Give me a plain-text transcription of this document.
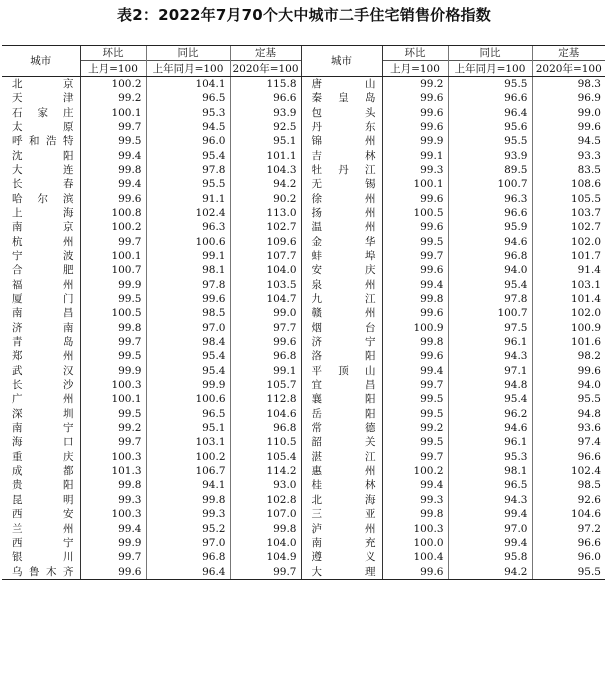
表2：2022年7月70个大中城市二手住宅销售价格指数
城市	环比	同比	定基	城市	环比	同比	定基
	上月=100	上年同月=100	2020年=100		上月=100	上年同月=100	2020年=100
北京	100.2	104.1	115.8	唐山	99.2	95.5	98.3
天津	99.2	96.5	96.6	秦皇岛	99.6	96.6	96.9
石家庄	100.1	95.3	93.9	包头	99.6	96.4	99.0
太原	99.7	94.5	92.5	丹东	99.6	95.6	99.6
呼和浩特	99.5	96.0	95.1	锦州	99.9	95.5	94.5
沈阳	99.4	95.4	101.1	吉林	99.1	93.9	93.3
大连	99.8	97.8	104.3	牡丹江	99.3	89.5	83.5
长春	99.4	95.5	94.2	无锡	100.1	100.7	108.6
哈尔滨	99.6	91.1	90.2	徐州	99.6	96.3	105.5
上海	100.8	102.4	113.0	扬州	100.5	96.6	103.7
南京	100.2	96.3	102.7	温州	99.6	95.9	102.7
杭州	99.7	100.6	109.6	金华	99.5	94.6	102.0
宁波	100.1	99.1	107.7	蚌埠	99.7	96.8	101.7
合肥	100.7	98.1	104.0	安庆	99.6	94.0	91.4
福州	99.9	97.8	103.5	泉州	99.4	95.4	103.1
厦门	99.5	99.6	104.7	九江	99.8	97.8	101.4
南昌	100.5	98.5	99.0	赣州	99.6	100.7	102.0
济南	99.8	97.0	97.7	烟台	100.9	97.5	100.9
青岛	99.7	98.4	99.6	济宁	99.8	96.1	101.6
郑州	99.5	95.4	96.8	洛阳	99.6	94.3	98.2
武汉	99.9	95.4	99.1	平顶山	99.4	97.1	99.6
长沙	100.3	99.9	105.7	宜昌	99.7	94.8	94.0
广州	100.1	100.6	112.8	襄阳	99.5	95.4	95.5
深圳	99.5	96.5	104.6	岳阳	99.5	96.2	94.8
南宁	99.2	95.1	96.8	常德	99.2	94.6	93.6
海口	99.7	103.1	110.5	韶关	99.5	96.1	97.4
重庆	100.3	100.2	105.4	湛江	99.7	95.3	96.6
成都	101.3	106.7	114.2	惠州	100.2	98.1	102.4
贵阳	99.8	94.1	93.0	桂林	99.4	96.5	98.5
昆明	99.3	99.8	102.8	北海	99.3	94.3	92.6
西安	100.3	99.3	107.0	三亚	99.8	99.4	104.6
兰州	99.4	95.2	99.8	泸州	100.3	97.0	97.2
西宁	99.9	97.0	104.0	南充	100.0	99.4	96.6
银川	99.7	96.8	104.9	遵义	100.4	95.8	96.0
乌鲁木齐	99.6	96.4	99.7	大理	99.6	94.2	95.5
